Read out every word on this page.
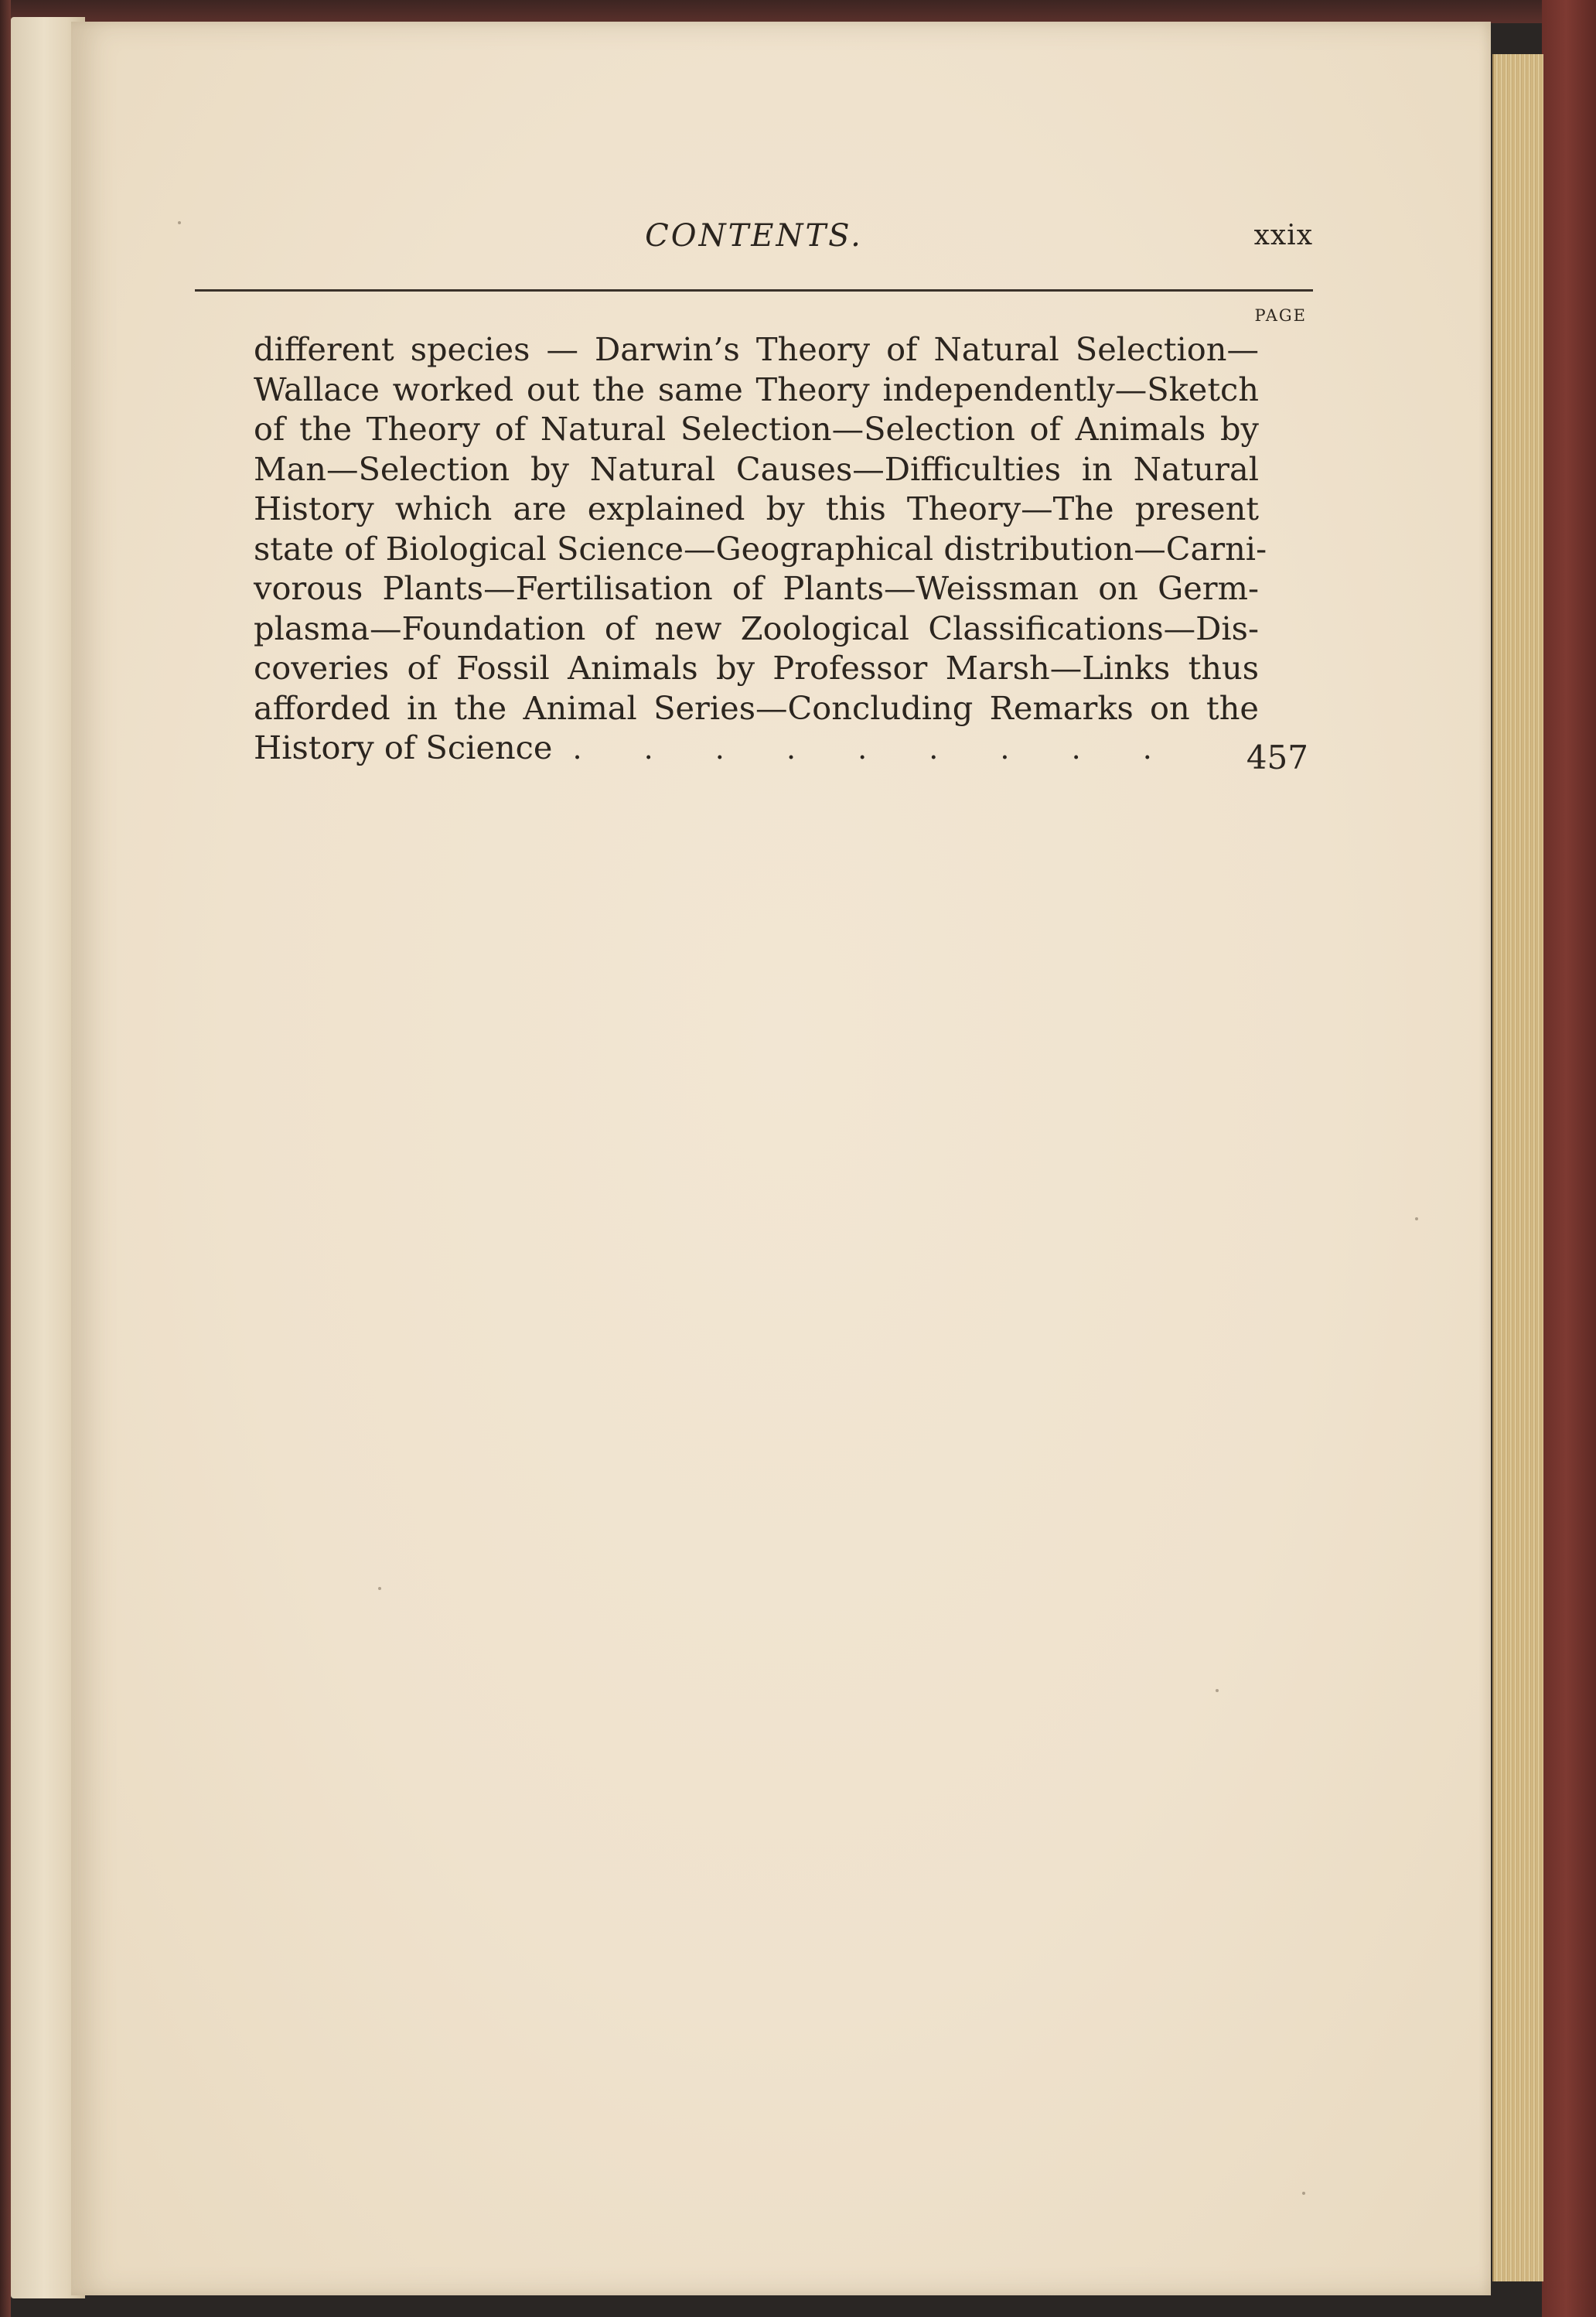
CONTENTS.	xxix
PAGE
different species — Darwin’s Theory of Natural Selection—
Wallace worked out the same Theory independently—Sketch
of the Theory of Natural Selection—Selection of Animals by
Man—Selection by Natural Causes—Difficulties in Natural
History which are explained by this Theory—The present
state of Biological Science—Geographical distribution—Carni-
vorous Plants—Fertilisation of Plants—Weissman on Germ-
plasma—Foundation of new Zoological Classifications—Dis-
coveries of Fossil Animals by Professor Marsh—Links thus
afforded in the Animal Series—Concluding Remarks on the
History of Science . . . . . . . . .	457
